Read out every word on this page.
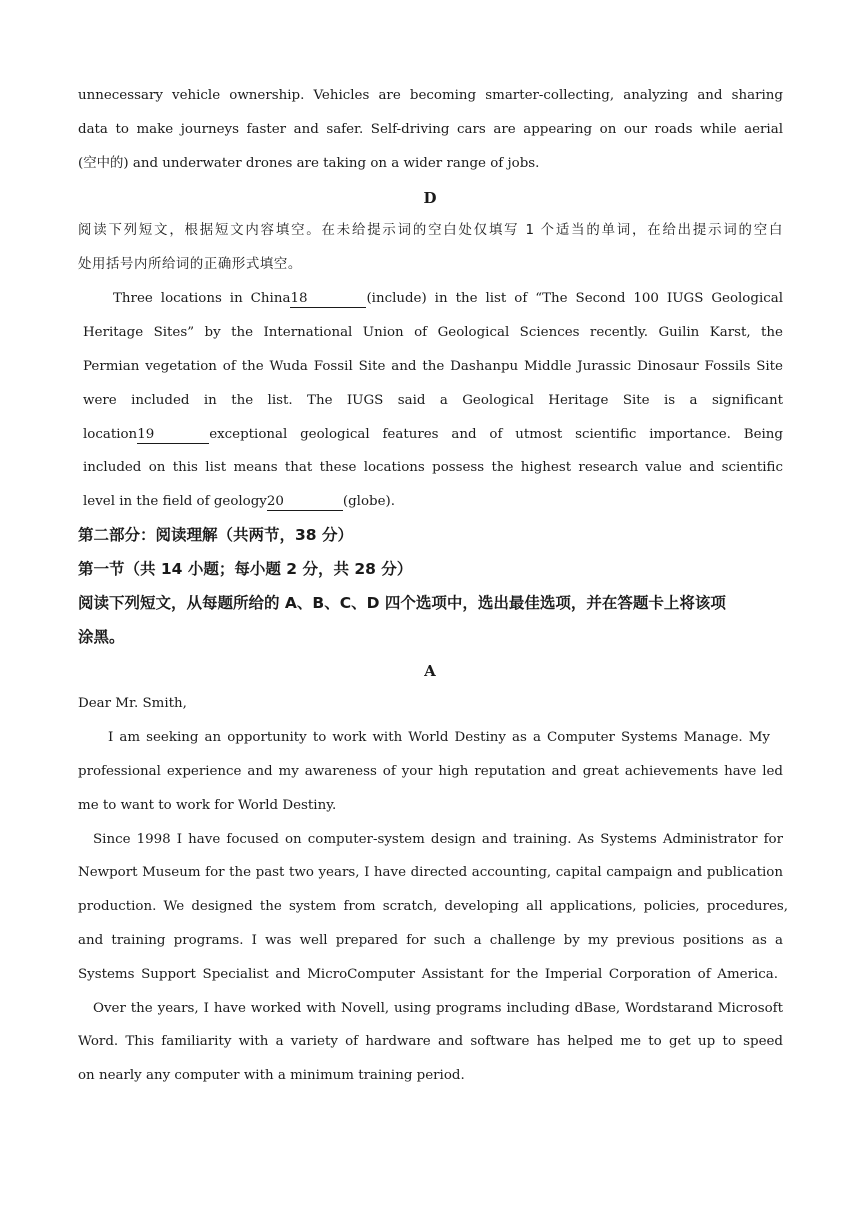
unnecessary vehicle ownership. Vehicles are becoming smarter-collecting, analyzing and sharing
data to make journeys faster and safer. Self-driving cars are appearing on our roads while aerial
(空中的) and underwater drones are taking on a wider range of jobs.
D
阅读下列短文，根据短文内容填空。在未给提示词的空白处仅填写 1 个适当的单词，在给出提示词的空白
处用括号内所给词的正确形式填空。
Three locations in China18	(include) in the list of “The Second 100 IUGS Geological
Heritage Sites” by the International Union of Geological Sciences recently. Guilin Karst, the
Permian vegetation of the Wuda Fossil Site and the Dashanpu Middle Jurassic Dinosaur Fossils Site
were included in the list. The IUGS said a Geological Heritage Site is a significant
location19	exceptional geological features and of utmost scientific importance. Being
included on this list means that these locations possess the highest research value and scientific
level in the field of geology20	(globe).
第二部分：阅读理解（共两节，38 分）
第一节（共 14 小题；每小题 2 分，共 28 分）
阅读下列短文，从每题所给的 A、B、C、D 四个选项中，选出最佳选项，并在答题卡上将该项
涂黑。
A
Dear Mr. Smith,
I am seeking an opportunity to work with World Destiny as a Computer Systems Manage. My
professional experience and my awareness of your high reputation and great achievements have led
me to want to work for World Destiny.
Since 1998 I have focused on computer-system design and training. As Systems Administrator for
Newport Museum for the past two years, I have directed accounting, capital campaign and publication
production. We designed the system from scratch, developing all applications, policies, procedures,
and training programs. I was well prepared for such a challenge by my previous positions as a
Systems Support Specialist and MicroComputer Assistant for the Imperial Corporation of America.
Over the years, I have worked with Novell, using programs including dBase, Wordstarand Microsoft
Word. This familiarity with a variety of hardware and software has helped me to get up to speed
on nearly any computer with a minimum training period.
